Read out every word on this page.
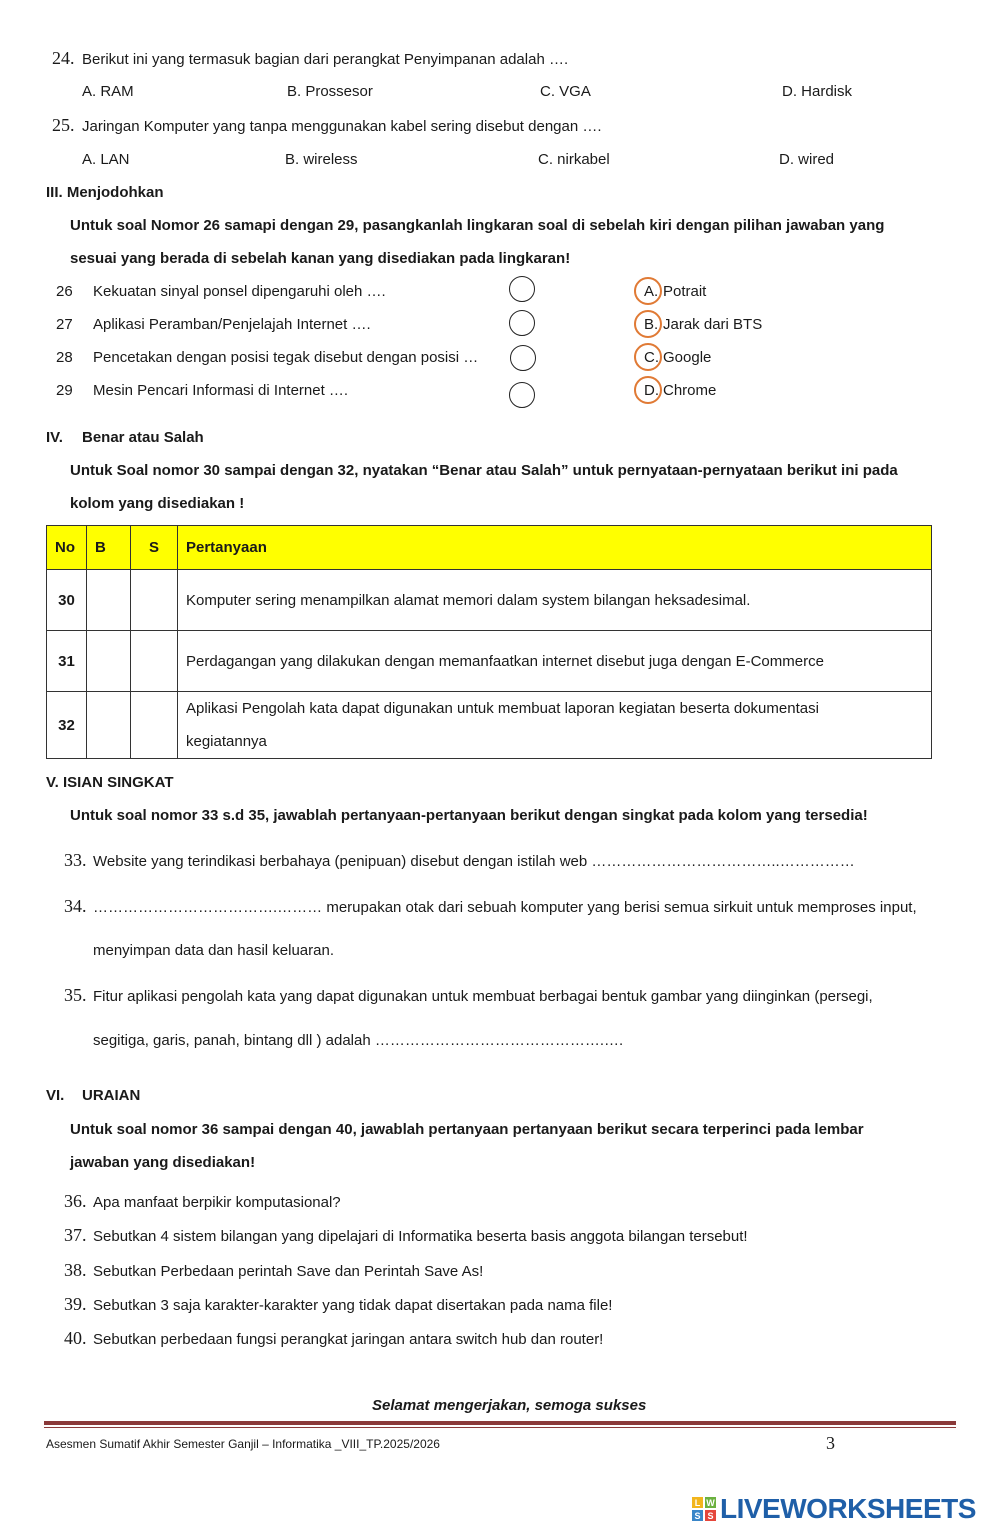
24. Berikut ini yang termasuk bagian dari perangkat Penyimpanan adalah ….
A. RAM	B. Prossesor	C. VGA	D. Hardisk
25. Jaringan Komputer yang tanpa menggunakan kabel sering disebut dengan ….
A. LAN	B. wireless	C. nirkabel	D. wired
III. Menjodohkan
Untuk soal Nomor 26 samapi dengan 29, pasangkanlah lingkaran soal di sebelah kiri dengan pilihan jawaban yang
sesuai yang berada di sebelah kanan yang disediakan pada lingkaran!
26 Kekuatan sinyal ponsel dipengaruhi oleh ….	A. Potrait
27 Aplikasi Peramban/Penjelajah Internet ….	B. Jarak dari BTS
28 Pencetakan dengan posisi tegak disebut dengan posisi …	C. Google
29 Mesin Pencari Informasi di Internet ….	D. Chrome
IV. Benar atau Salah
Untuk Soal nomor 30 sampai dengan 32, nyatakan “Benar atau Salah” untuk pernyataan-pernyataan berikut ini pada
kolom yang disediakan !
No	B	S	Pertanyaan
30			Komputer sering menampilkan alamat memori dalam system bilangan heksadesimal.
31			Perdagangan yang dilakukan dengan memanfaatkan internet disebut juga dengan E-Commerce
32			Aplikasi Pengolah kata dapat digunakan untuk membuat laporan kegiatan beserta dokumentasi
kegiatannya
V. ISIAN SINGKAT
Untuk soal nomor 33 s.d 35, jawablah pertanyaan-pertanyaan berikut dengan singkat pada kolom yang tersedia!
33. Website yang terindikasi berbahaya (penipuan) disebut dengan istilah web ………………………………..……………
34. ……………………………….……… merupakan otak dari sebuah komputer yang berisi semua sirkuit untuk memproses input,
menyimpan data dan hasil keluaran.
35. Fitur aplikasi pengolah kata yang dapat digunakan untuk membuat berbagai bentuk gambar yang diinginkan (persegi,
segitiga, garis, panah, bintang dll ) adalah ……………………………………….….
VI. URAIAN
Untuk soal nomor 36 sampai dengan 40, jawablah pertanyaan pertanyaan berikut secara terperinci pada lembar
jawaban yang disediakan!
36. Apa manfaat berpikir komputasional?
37. Sebutkan 4 sistem bilangan yang dipelajari di Informatika beserta basis anggota bilangan tersebut!
38. Sebutkan Perbedaan perintah Save dan Perintah Save As!
39. Sebutkan 3 saja karakter-karakter yang tidak dapat disertakan pada nama file!
40. Sebutkan perbedaan fungsi perangkat jaringan antara switch hub dan router!
Selamat mengerjakan, semoga sukses
Asesmen Sumatif Akhir Semester Ganjil – Informatika _VIII_TP.2025/2026	3
L W
S S LIVEWORKSHEETS
